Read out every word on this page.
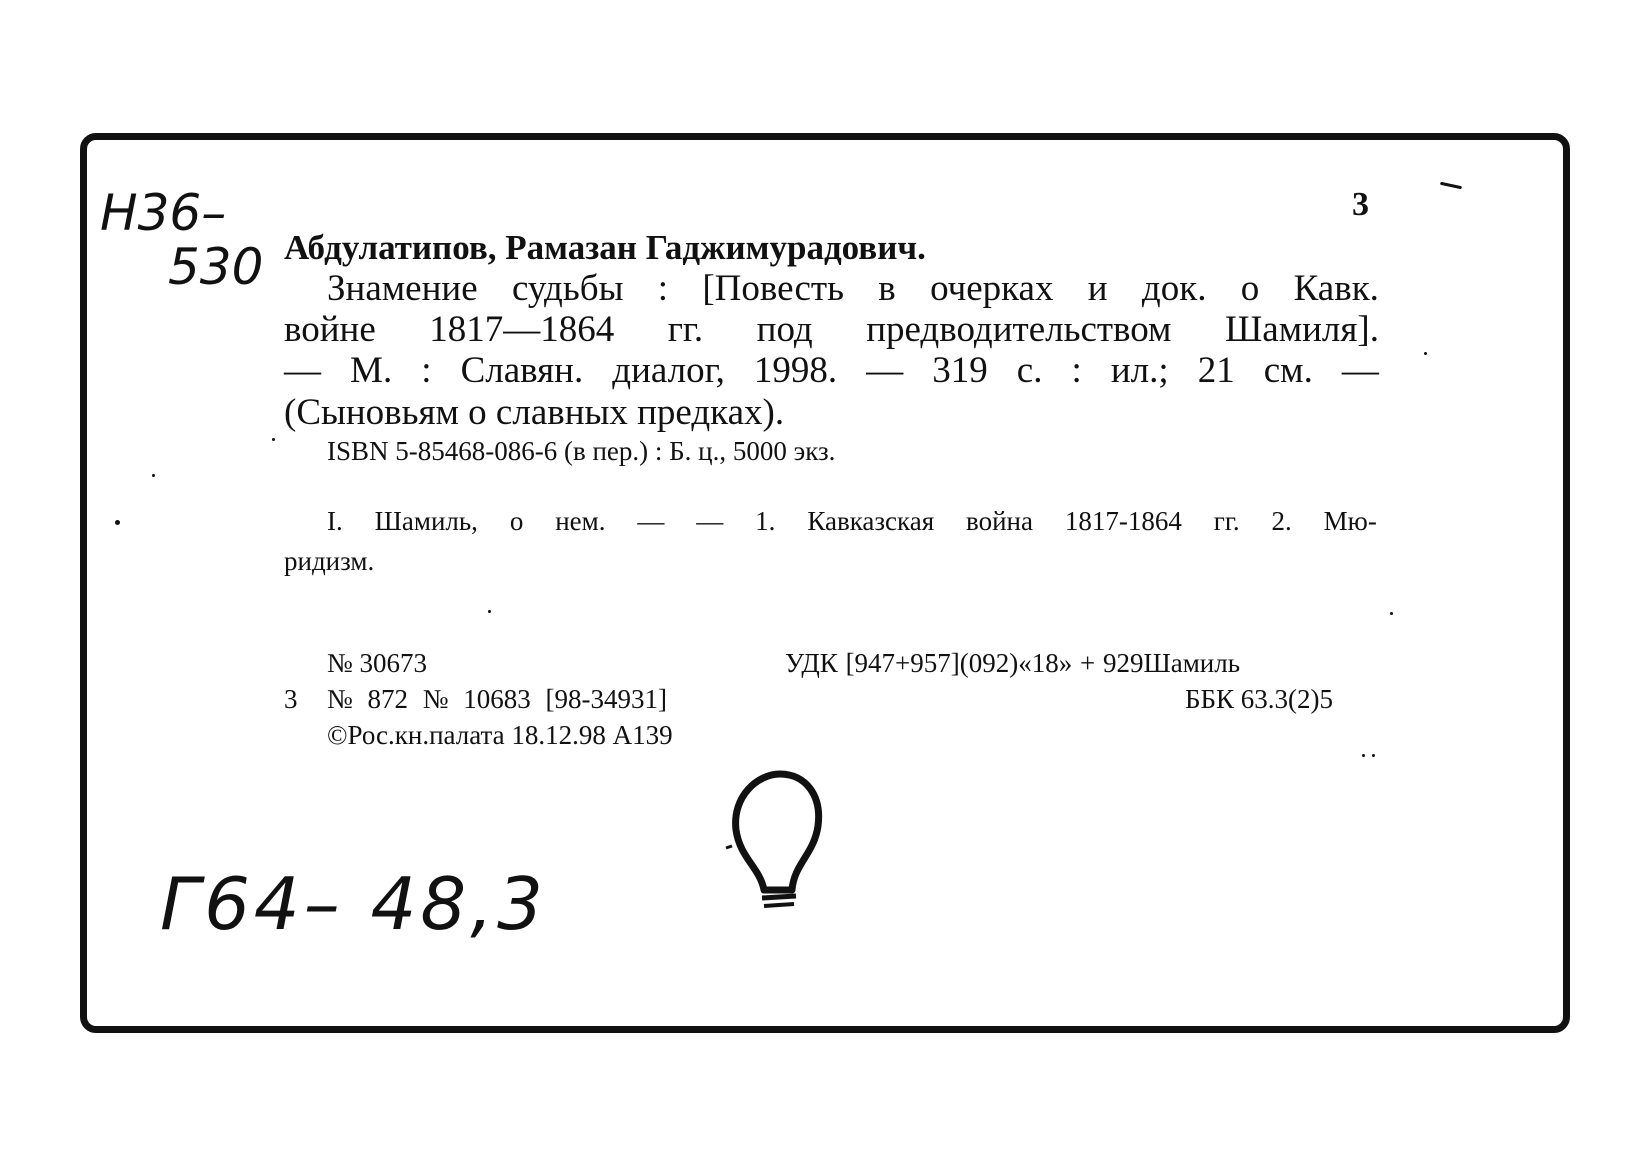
Н36–
530
3
Абдулатипов, Рамазан Гаджимурадович.
Знамение судьбы : [Повесть в очерках и док. о Кавк.
войне 1817—1864 гг. под предводительством Шамиля].
— М. : Славян. диалог, 1998. — 319 с. : ил.; 21 см. —
(Сыновьям о славных предках).
ISBN 5-85468-086-6 (в пер.) : Б. ц., 5000 экз.
I. Шамиль, о нем. — — 1. Кавказская война 1817-1864 гг. 2. Мю-
ридизм.
№ 30673	УДК [947+957](092)«18» + 929Шамиль
3 № 872 № 10683 [98-34931]	ББК 63.3(2)5
©Рос.кн.палата 18.12.98 А139
Г64– 48,3
